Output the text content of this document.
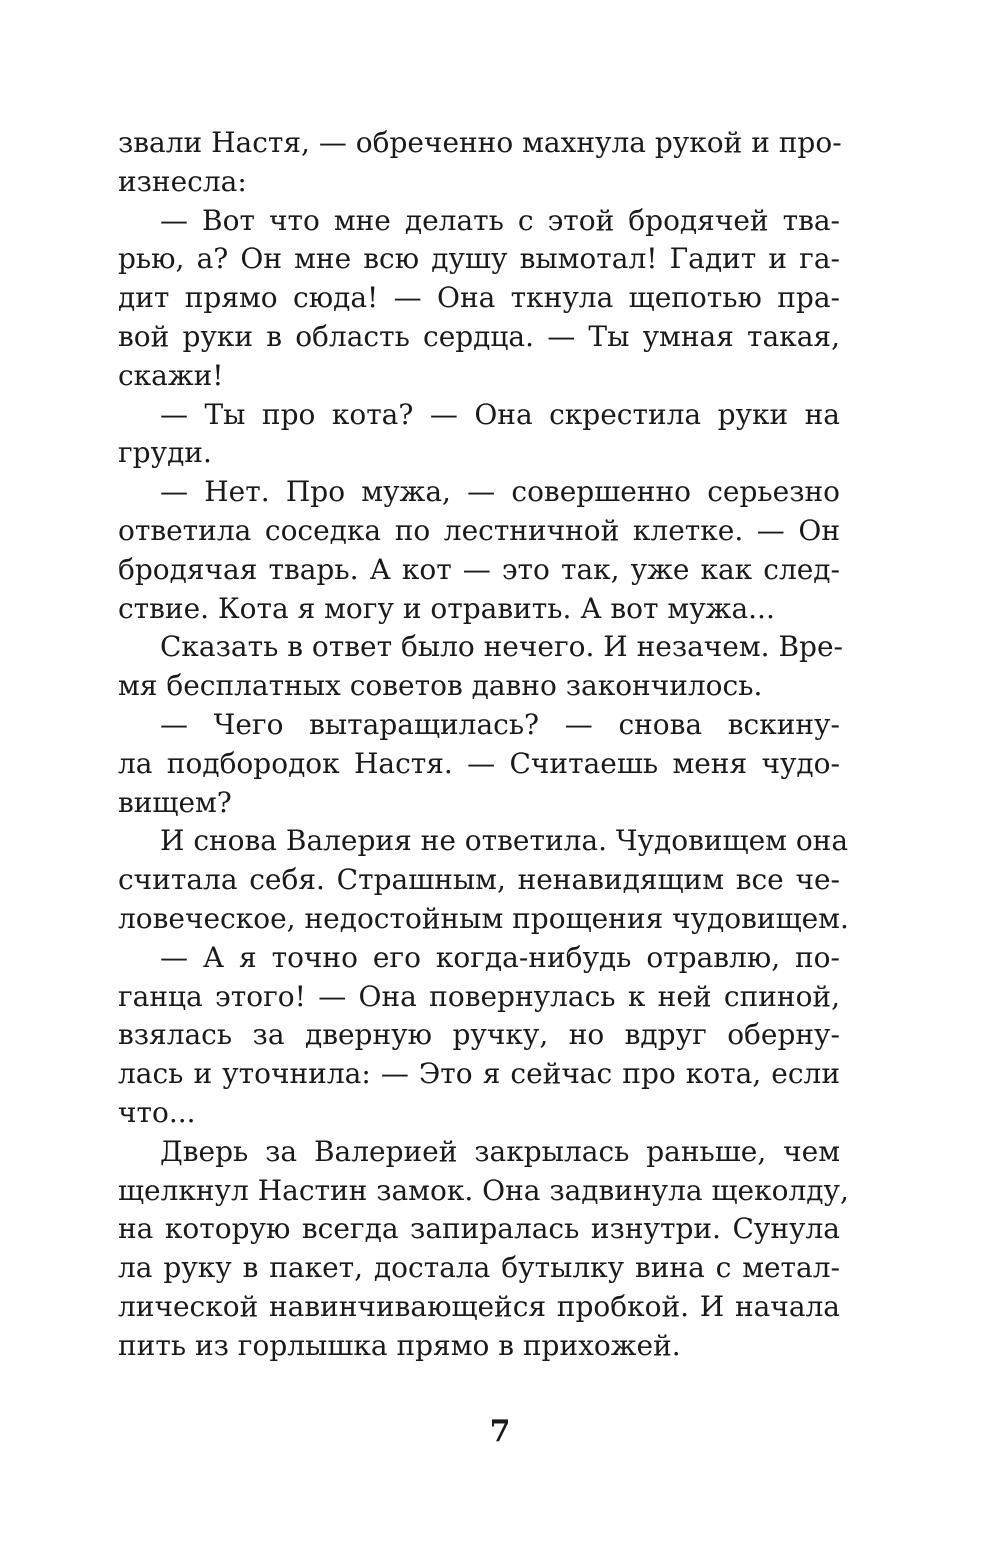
звали Настя, — обреченно махнула рукой и про-
изнесла:
— Вот что мне делать с этой бродячей тва-
рью, а? Он мне всю душу вымотал! Гадит и га-
дит прямо сюда! — Она ткнула щепотью пра-
вой руки в область сердца. — Ты умная такая,
скажи!
— Ты про кота? — Она скрестила руки на
груди.
— Нет. Про мужа, — совершенно серьезно
ответила соседка по лестничной клетке. — Он
бродячая тварь. А кот — это так, уже как след-
ствие. Кота я могу и отравить. А вот мужа...
Сказать в ответ было нечего. И незачем. Вре-
мя бесплатных советов давно закончилось.
— Чего вытаращилась? — снова вскину-
ла подбородок Настя. — Считаешь меня чудо-
вищем?
И снова Валерия не ответила. Чудовищем она
считала себя. Страшным, ненавидящим все че-
ловеческое, недостойным прощения чудовищем.
— А я точно его когда-нибудь отравлю, по-
ганца этого! — Она повернулась к ней спиной,
взялась за дверную ручку, но вдруг оберну-
лась и уточнила: — Это я сейчас про кота, если
что...
Дверь за Валерией закрылась раньше, чем
щелкнул Настин замок. Она задвинула щеколду,
на которую всегда запиралась изнутри. Сунула
ла руку в пакет, достала бутылку вина с метал-
лической навинчивающейся пробкой. И начала
пить из горлышка прямо в прихожей.
7
